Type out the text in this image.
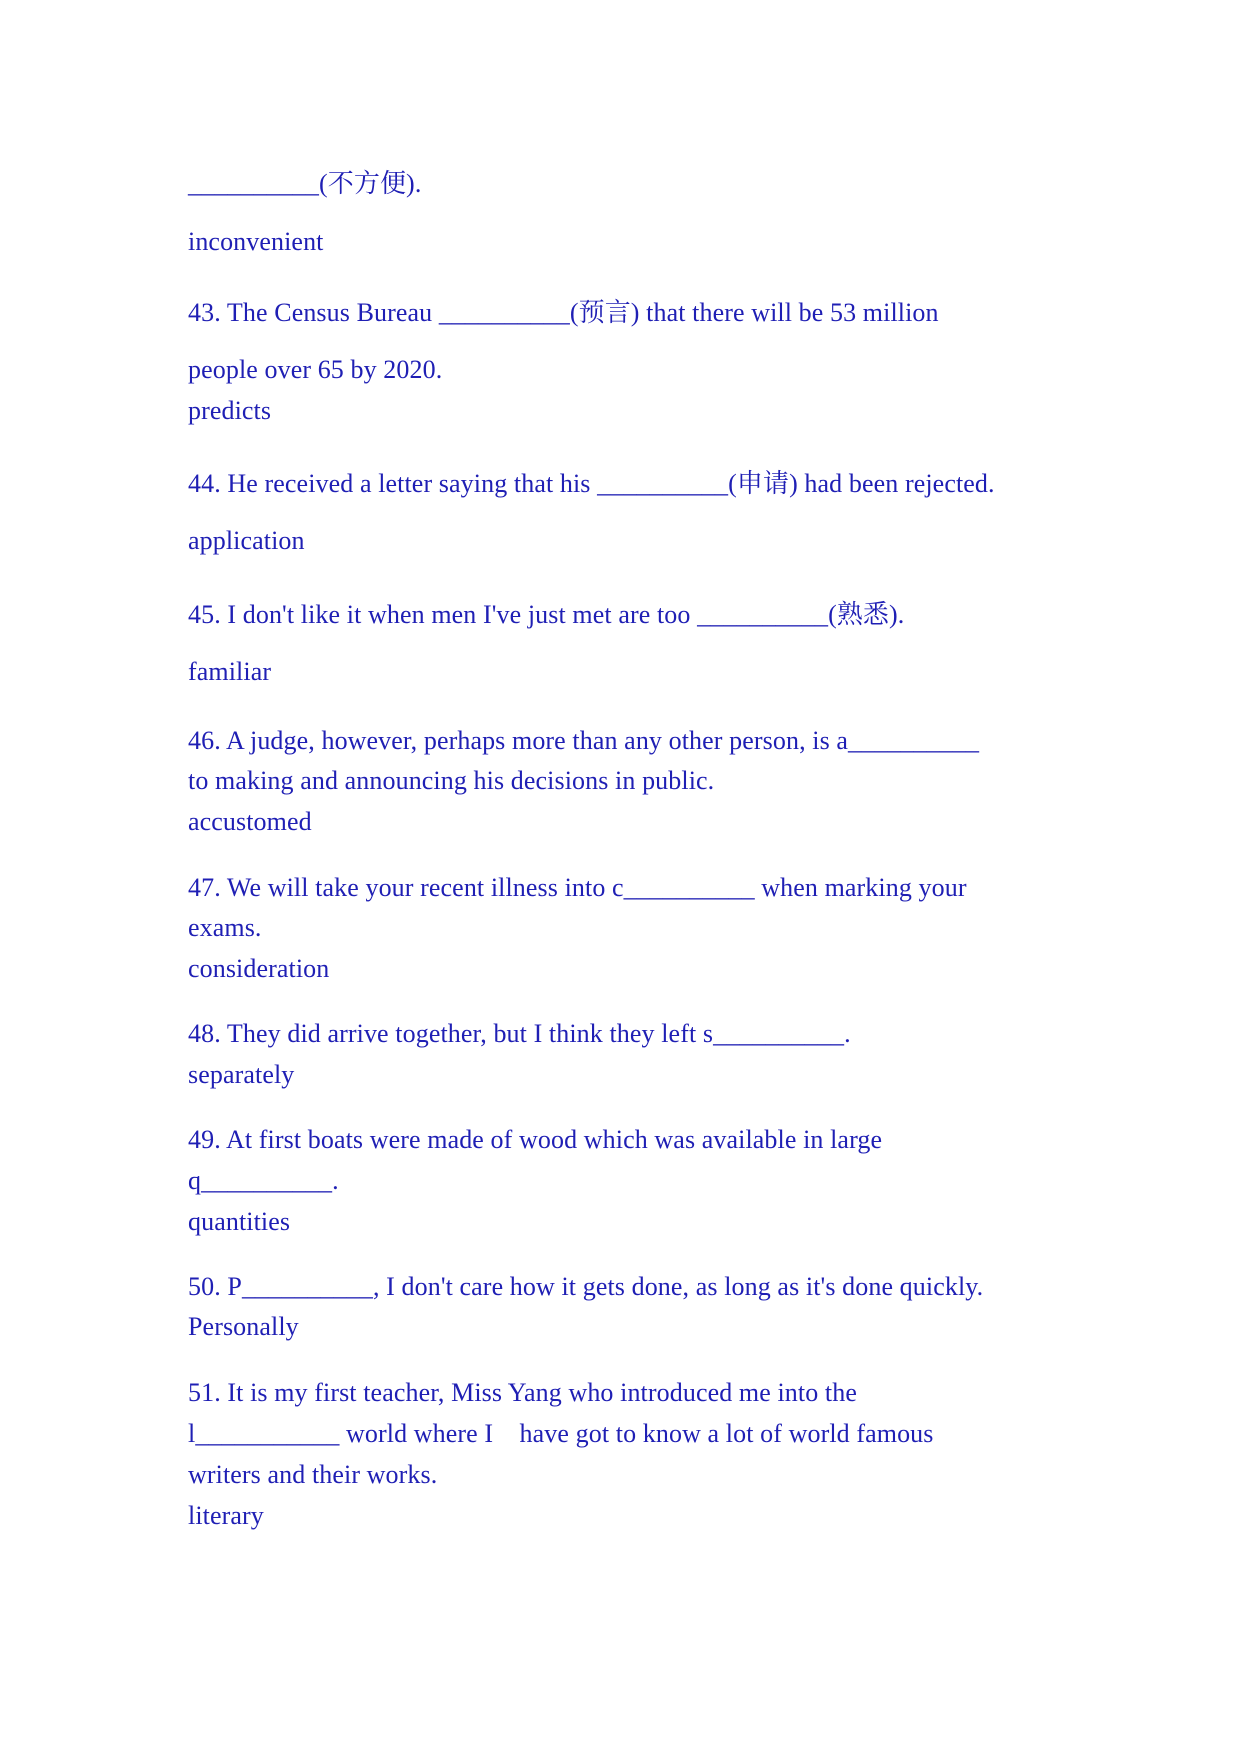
__________(不方便).
inconvenient
43. The Census Bureau __________(预言) that there will be 53 million
people over 65 by 2020.
predicts
44. He received a letter saying that his __________(申请) had been rejected.
application
45. I don't like it when men I've just met are too __________(熟悉).
familiar
46. A judge, however, perhaps more than any other person, is a__________
to making and announcing his decisions in public.
accustomed
47. We will take your recent illness into c__________ when marking your
exams.
consideration
48. They did arrive together, but I think they left s__________.
separately
49. At first boats were made of wood which was available in large
q__________.
quantities
50. P__________, I don't care how it gets done, as long as it's done quickly.
Personally
51. It is my first teacher, Miss Yang who introduced me into the
l___________ world where I    have got to know a lot of world famous
writers and their works.
literary
